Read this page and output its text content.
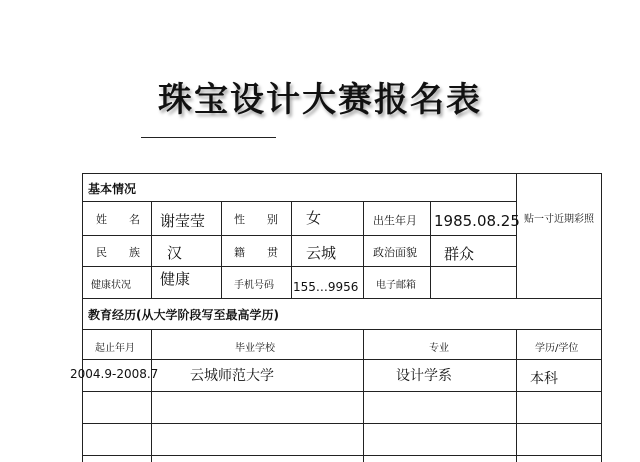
珠宝设计大赛报名表
基本情况
姓　　名 谢莹莹	性　　别 女	出生年月 1985.08.25 贴一寸近期彩照
民　　族 汉	籍　　贯 云城	政治面貌 群众
健康状况 健康	手机号码 155…9956 电子邮箱
教育经历(从大学阶段写至最高学历)
起止年月	毕业学校	专业	学历/学位
2004.9-2008.7 云城师范大学	设计学系	本科
